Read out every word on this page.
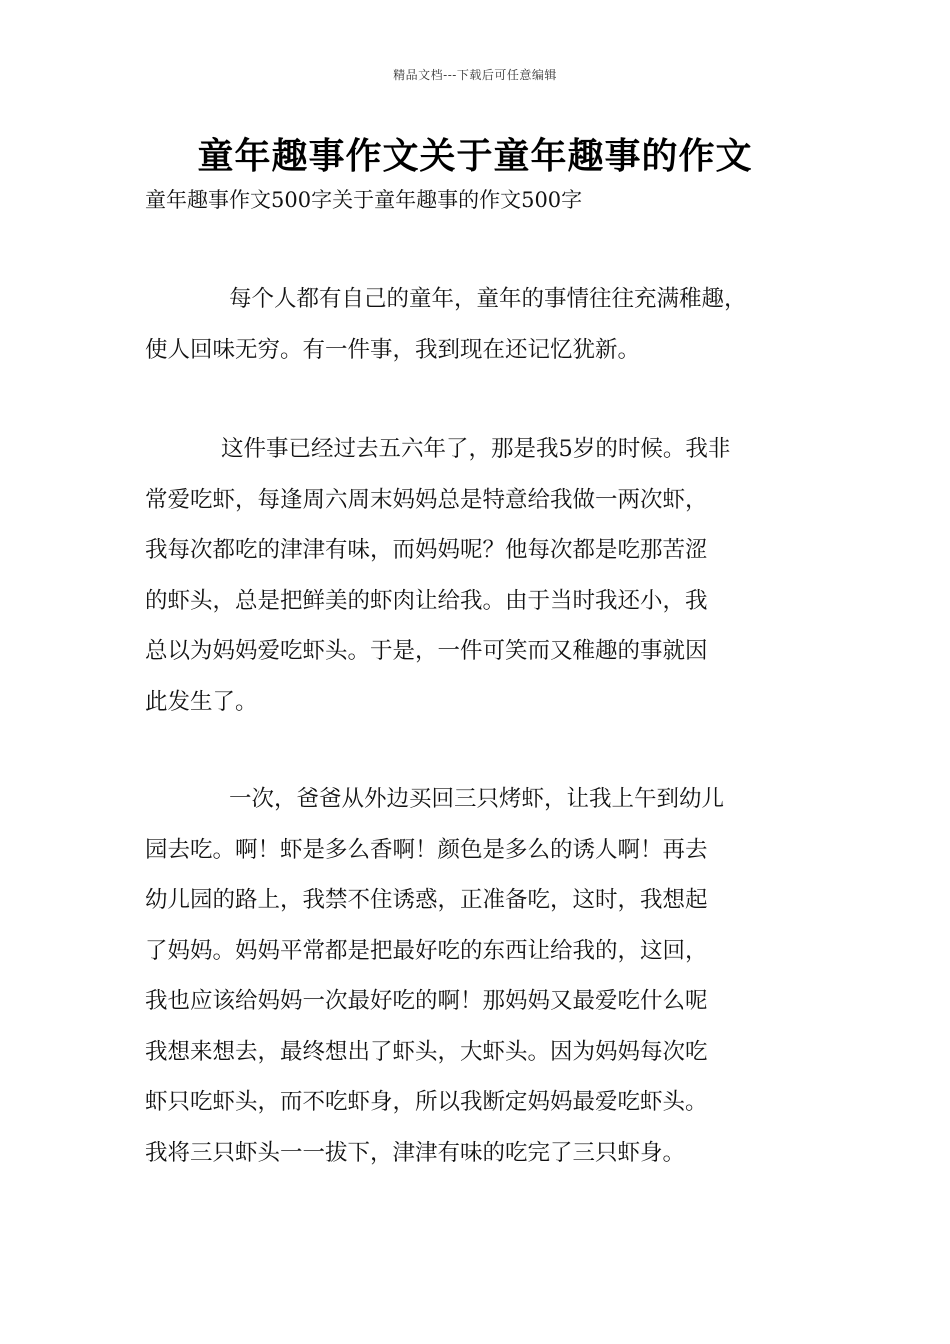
精品文档---下载后可任意编辑
童年趣事作文关于童年趣事的作文
童年趣事作文500字关于童年趣事的作文500字
每个人都有自己的童年，童年的事情往往充满稚趣，
使人回味无穷。有一件事，我到现在还记忆犹新。
这件事已经过去五六年了，那是我5岁的时候。我非
常爱吃虾，每逢周六周末妈妈总是特意给我做一两次虾，
我每次都吃的津津有味，而妈妈呢？他每次都是吃那苦涩
的虾头，总是把鲜美的虾肉让给我。由于当时我还小，我
总以为妈妈爱吃虾头。于是，一件可笑而又稚趣的事就因
此发生了。
一次，爸爸从外边买回三只烤虾，让我上午到幼儿
园去吃。啊！虾是多么香啊！颜色是多么的诱人啊！再去
幼儿园的路上，我禁不住诱惑，正准备吃，这时，我想起
了妈妈。妈妈平常都是把最好吃的东西让给我的，这回，
我也应该给妈妈一次最好吃的啊！那妈妈又最爱吃什么呢
我想来想去，最终想出了虾头，大虾头。因为妈妈每次吃
虾只吃虾头，而不吃虾身，所以我断定妈妈最爱吃虾头。
我将三只虾头一一拔下，津津有味的吃完了三只虾身。
